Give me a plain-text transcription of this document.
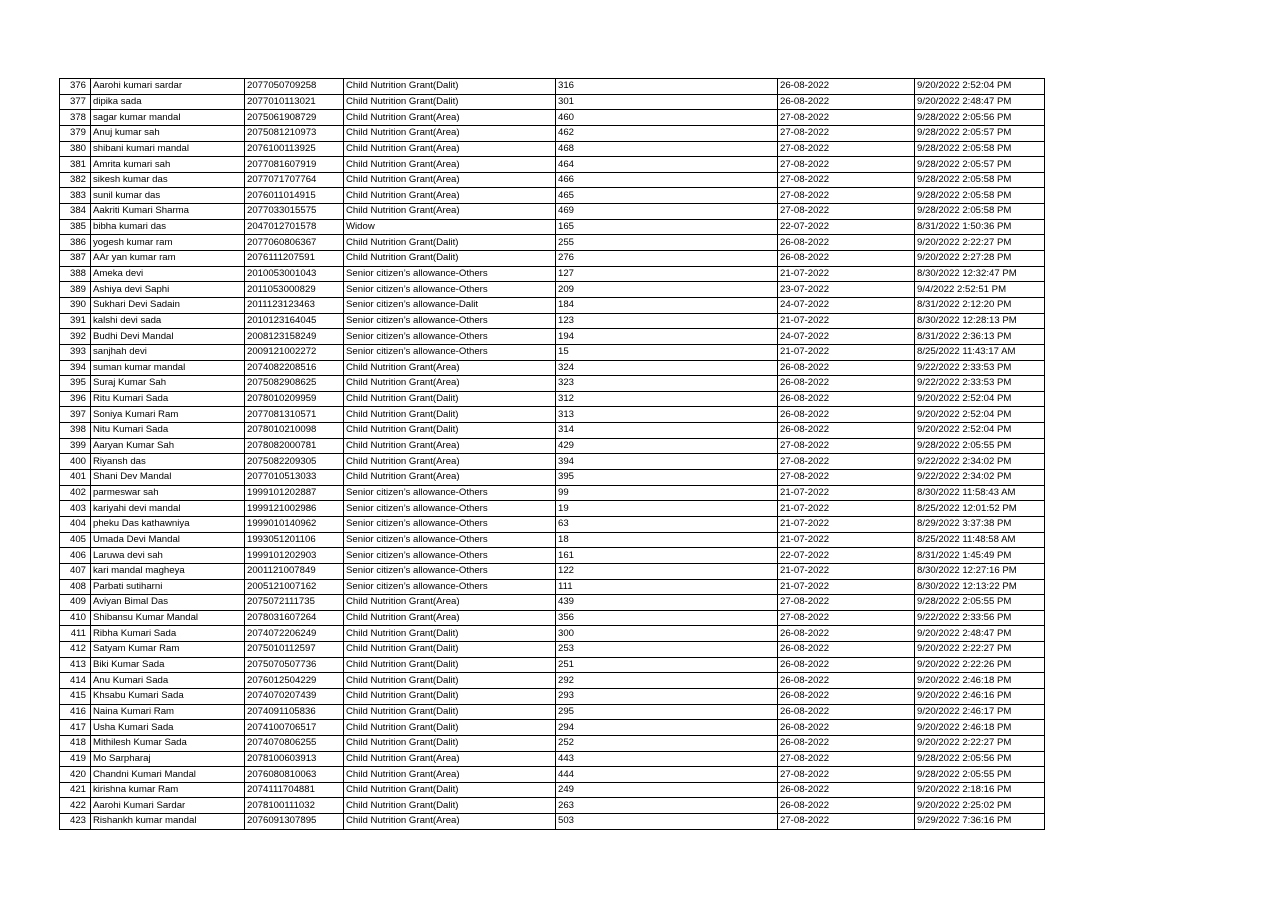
376	Aarohi kumari sardar	2077050709258	Child Nutrition Grant(Dalit)	316	26-08-2022	9/20/2022 2:52:04 PM
377	dipika sada	2077010113021	Child Nutrition Grant(Dalit)	301	26-08-2022	9/20/2022 2:48:47 PM
378	sagar kumar mandal	2075061908729	Child Nutrition Grant(Area)	460	27-08-2022	9/28/2022 2:05:56 PM
379	Anuj kumar sah	2075081210973	Child Nutrition Grant(Area)	462	27-08-2022	9/28/2022 2:05:57 PM
380	shibani kumari mandal	2076100113925	Child Nutrition Grant(Area)	468	27-08-2022	9/28/2022 2:05:58 PM
381	Amrita kumari sah	2077081607919	Child Nutrition Grant(Area)	464	27-08-2022	9/28/2022 2:05:57 PM
382	sikesh kumar das	2077071707764	Child Nutrition Grant(Area)	466	27-08-2022	9/28/2022 2:05:58 PM
383	sunil kumar das	2076011014915	Child Nutrition Grant(Area)	465	27-08-2022	9/28/2022 2:05:58 PM
384	Aakriti Kumari Sharma	2077033015575	Child Nutrition Grant(Area)	469	27-08-2022	9/28/2022 2:05:58 PM
385	bibha kumari das	2047012701578	Widow	165	22-07-2022	8/31/2022 1:50:36 PM
386	yogesh kumar ram	2077060806367	Child Nutrition Grant(Dalit)	255	26-08-2022	9/20/2022 2:22:27 PM
387	AAr yan kumar ram	2076111207591	Child Nutrition Grant(Dalit)	276	26-08-2022	9/20/2022 2:27:28 PM
388	Ameka devi	2010053001043	Senior citizen’s allowance-Others	127	21-07-2022	8/30/2022 12:32:47 PM
389	Ashiya devi Saphi	2011053000829	Senior citizen’s allowance-Others	209	23-07-2022	9/4/2022 2:52:51 PM
390	Sukhari Devi Sadain	2011123123463	Senior citizen’s allowance-Dalit	184	24-07-2022	8/31/2022 2:12:20 PM
391	kalshi devi sada	2010123164045	Senior citizen’s allowance-Others	123	21-07-2022	8/30/2022 12:28:13 PM
392	Budhi Devi Mandal	2008123158249	Senior citizen’s allowance-Others	194	24-07-2022	8/31/2022 2:36:13 PM
393	sanjhah devi	2009121002272	Senior citizen’s allowance-Others	15	21-07-2022	8/25/2022 11:43:17 AM
394	suman kumar mandal	2074082208516	Child Nutrition Grant(Area)	324	26-08-2022	9/22/2022 2:33:53 PM
395	Suraj Kumar Sah	2075082908625	Child Nutrition Grant(Area)	323	26-08-2022	9/22/2022 2:33:53 PM
396	Ritu Kumari Sada	2078010209959	Child Nutrition Grant(Dalit)	312	26-08-2022	9/20/2022 2:52:04 PM
397	Soniya Kumari Ram	2077081310571	Child Nutrition Grant(Dalit)	313	26-08-2022	9/20/2022 2:52:04 PM
398	Nitu Kumari Sada	2078010210098	Child Nutrition Grant(Dalit)	314	26-08-2022	9/20/2022 2:52:04 PM
399	Aaryan Kumar Sah	2078082000781	Child Nutrition Grant(Area)	429	27-08-2022	9/28/2022 2:05:55 PM
400	Riyansh das	2075082209305	Child Nutrition Grant(Area)	394	27-08-2022	9/22/2022 2:34:02 PM
401	Shani Dev Mandal	2077010513033	Child Nutrition Grant(Area)	395	27-08-2022	9/22/2022 2:34:02 PM
402	parmeswar sah	1999101202887	Senior citizen’s allowance-Others	99	21-07-2022	8/30/2022 11:58:43 AM
403	kariyahi devi mandal	1999121002986	Senior citizen’s allowance-Others	19	21-07-2022	8/25/2022 12:01:52 PM
404	pheku Das kathawniya	1999010140962	Senior citizen’s allowance-Others	63	21-07-2022	8/29/2022 3:37:38 PM
405	Umada Devi Mandal	1993051201106	Senior citizen’s allowance-Others	18	21-07-2022	8/25/2022 11:48:58 AM
406	Laruwa devi sah	1999101202903	Senior citizen’s allowance-Others	161	22-07-2022	8/31/2022 1:45:49 PM
407	kari mandal magheya	2001121007849	Senior citizen’s allowance-Others	122	21-07-2022	8/30/2022 12:27:16 PM
408	Parbati sutiharni	2005121007162	Senior citizen’s allowance-Others	111	21-07-2022	8/30/2022 12:13:22 PM
409	Aviyan Bimal Das	2075072111735	Child Nutrition Grant(Area)	439	27-08-2022	9/28/2022 2:05:55 PM
410	Shibansu Kumar Mandal	2078031607264	Child Nutrition Grant(Area)	356	27-08-2022	9/22/2022 2:33:56 PM
411	Ribha Kumari Sada	2074072206249	Child Nutrition Grant(Dalit)	300	26-08-2022	9/20/2022 2:48:47 PM
412	Satyam Kumar Ram	2075010112597	Child Nutrition Grant(Dalit)	253	26-08-2022	9/20/2022 2:22:27 PM
413	Biki Kumar Sada	2075070507736	Child Nutrition Grant(Dalit)	251	26-08-2022	9/20/2022 2:22:26 PM
414	Anu Kumari Sada	2076012504229	Child Nutrition Grant(Dalit)	292	26-08-2022	9/20/2022 2:46:18 PM
415	Khsabu Kumari Sada	2074070207439	Child Nutrition Grant(Dalit)	293	26-08-2022	9/20/2022 2:46:16 PM
416	Naina Kumari Ram	2074091105836	Child Nutrition Grant(Dalit)	295	26-08-2022	9/20/2022 2:46:17 PM
417	Usha Kumari Sada	2074100706517	Child Nutrition Grant(Dalit)	294	26-08-2022	9/20/2022 2:46:18 PM
418	Mithilesh Kumar Sada	2074070806255	Child Nutrition Grant(Dalit)	252	26-08-2022	9/20/2022 2:22:27 PM
419	Mo Sarpharaj	2078100603913	Child Nutrition Grant(Area)	443	27-08-2022	9/28/2022 2:05:56 PM
420	Chandni Kumari Mandal	2076080810063	Child Nutrition Grant(Area)	444	27-08-2022	9/28/2022 2:05:55 PM
421	kirishna kumar Ram	2074111704881	Child Nutrition Grant(Dalit)	249	26-08-2022	9/20/2022 2:18:16 PM
422	Aarohi Kumari Sardar	2078100111032	Child Nutrition Grant(Dalit)	263	26-08-2022	9/20/2022 2:25:02 PM
423	Rishankh kumar mandal	2076091307895	Child Nutrition Grant(Area)	503	27-08-2022	9/29/2022 7:36:16 PM
